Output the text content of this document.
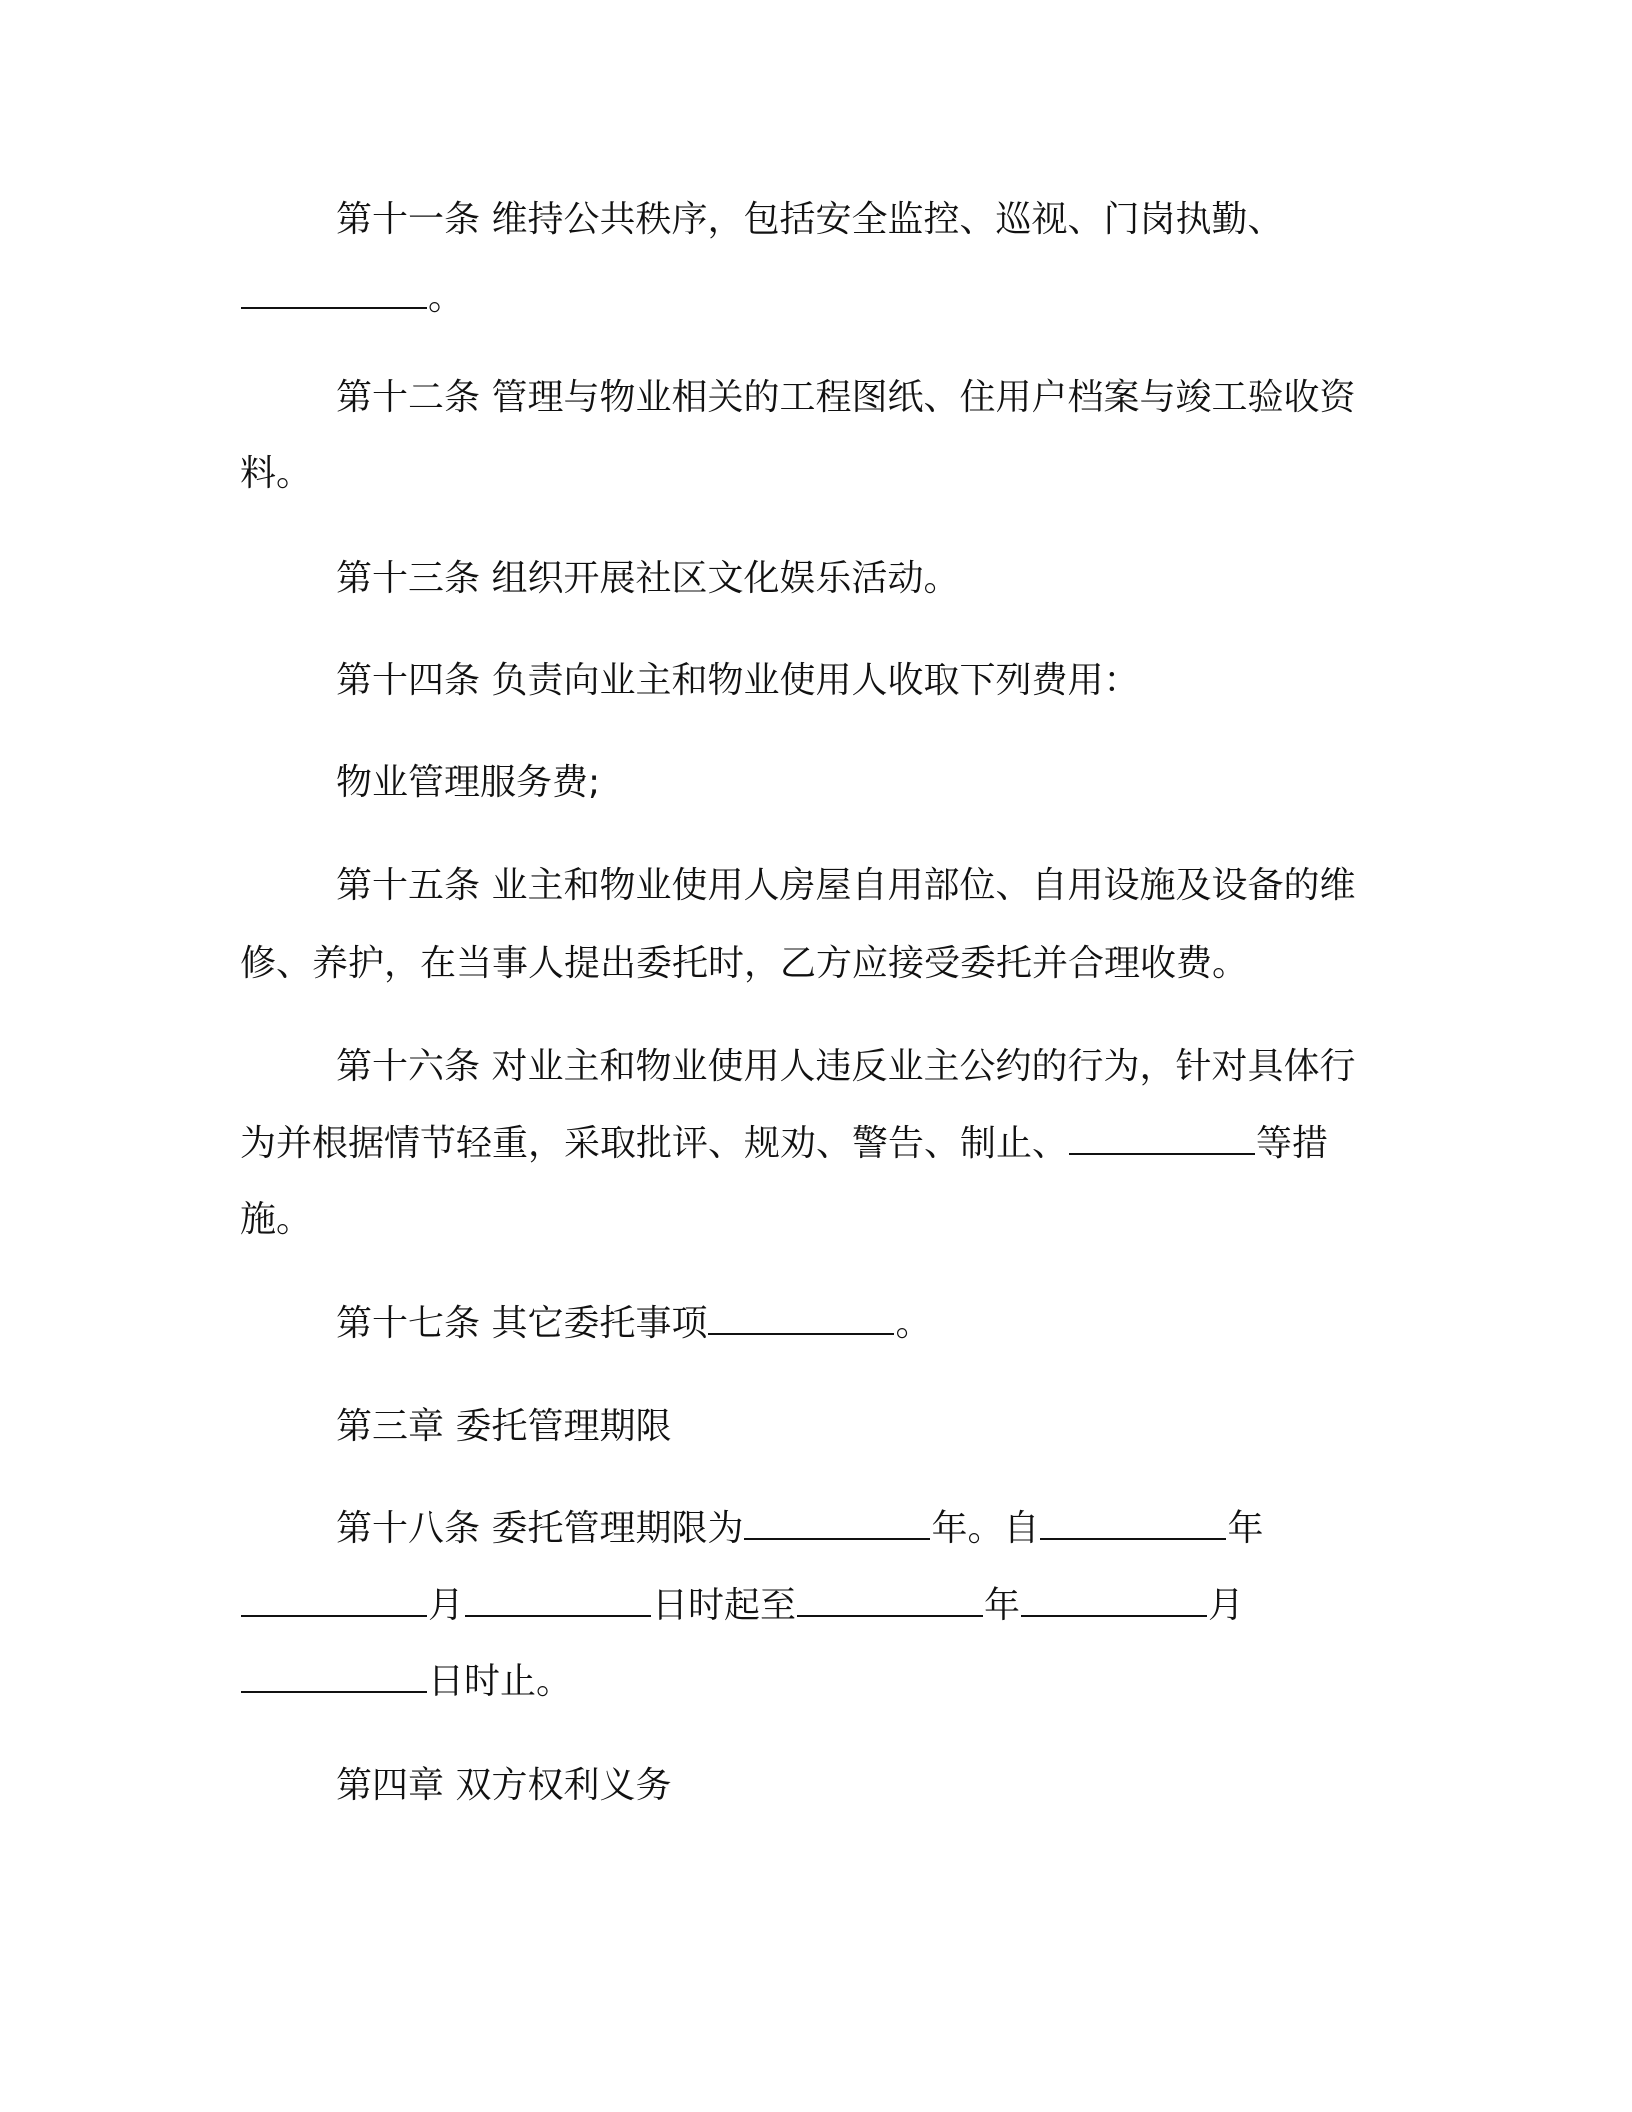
第十一条 维持公共秩序，包括安全监控、巡视、门岗执勤、
。
第十二条 管理与物业相关的工程图纸、住用户档案与竣工验收资
料。
第十三条 组织开展社区文化娱乐活动。
第十四条 负责向业主和物业使用人收取下列费用：
物业管理服务费;
第十五条 业主和物业使用人房屋自用部位、自用设施及设备的维
修、养护，在当事人提出委托时，乙方应接受委托并合理收费。
第十六条 对业主和物业使用人违反业主公约的行为，针对具体行
为并根据情节轻重，采取批评、规劝、警告、制止、	等措
施。
第十七条 其它委托事项	。
第三章 委托管理期限
第十八条 委托管理期限为	年。自	年
月	日时起至	年	月
日时止。
第四章 双方权利义务
